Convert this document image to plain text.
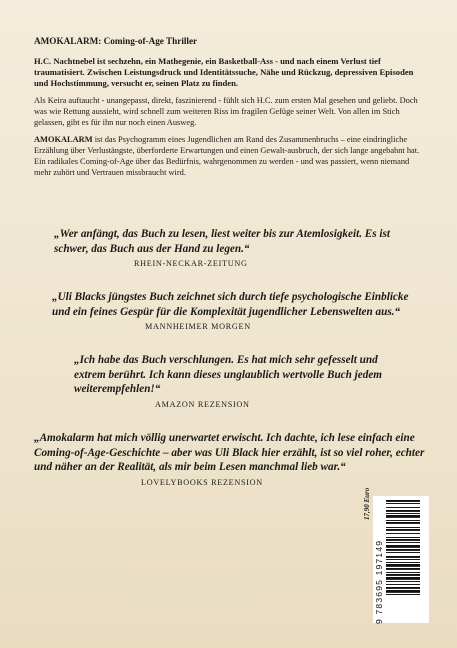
AMOKALARM: Coming-of-Age Thriller

H.C. Nachtnebel ist sechzehn, ein Mathegenie, ein Basketball-Ass - und nach einem Verlust tief traumatisiert. Zwischen Leistungsdruck und Identitätssuche, Nähe und Rückzug, depressiven Episoden und Hochstimmung, versucht er, seinen Platz zu finden.

Als Keira auftaucht - unangepasst, direkt, faszinierend - fühlt sich H.C. zum ersten Mal gesehen und geliebt. Doch was wie Rettung aussieht, wird schnell zum weiteren Riss im fragilen Gefüge seiner Welt. Von allen im Stich gelassen, gibt es für ihn nur noch einen Ausweg.

AMOKALARM ist das Psychogramm eines Jugendlichen am Rand des Zusammenbruchs – eine eindringliche Erzählung über Verlustängste, überforderte Erwartungen und einen Gewalt-ausbruch, der sich lange angebahnt hat. Ein radikales Coming-of-Age über das Bedürfnis, wahrgenommen zu werden - und was passiert, wenn niemand mehr zuhört und Vertrauen missbraucht wird.

„Wer anfängt, das Buch zu lesen, liest weiter bis zur Atemlosigkeit. Es ist schwer, das Buch aus der Hand zu legen.“
RHEIN-NECKAR-ZEITUNG
„Uli Blacks jüngstes Buch zeichnet sich durch tiefe psychologische Einblicke und ein feines Gespür für die Komplexität jugendlicher Lebenswelten aus.“
MANNHEIMER MORGEN
„Ich habe das Buch verschlungen. Es hat mich sehr gefesselt und extrem berührt. Ich kann dieses unglaublich wertvolle Buch jedem weiterempfehlen!“
AMAZON REZENSION
„Amokalarm hat mich völlig unerwartet erwischt. Ich dachte, ich lese einfach eine Coming-of-Age-Geschichte – aber was Uli Black hier erzählt, ist so viel roher, echter und näher an der Realität, als mir beim Lesen manchmal lieb war.“
LOVELYBOOKS REZENSION
17,90 Euro
9 783695 197149
